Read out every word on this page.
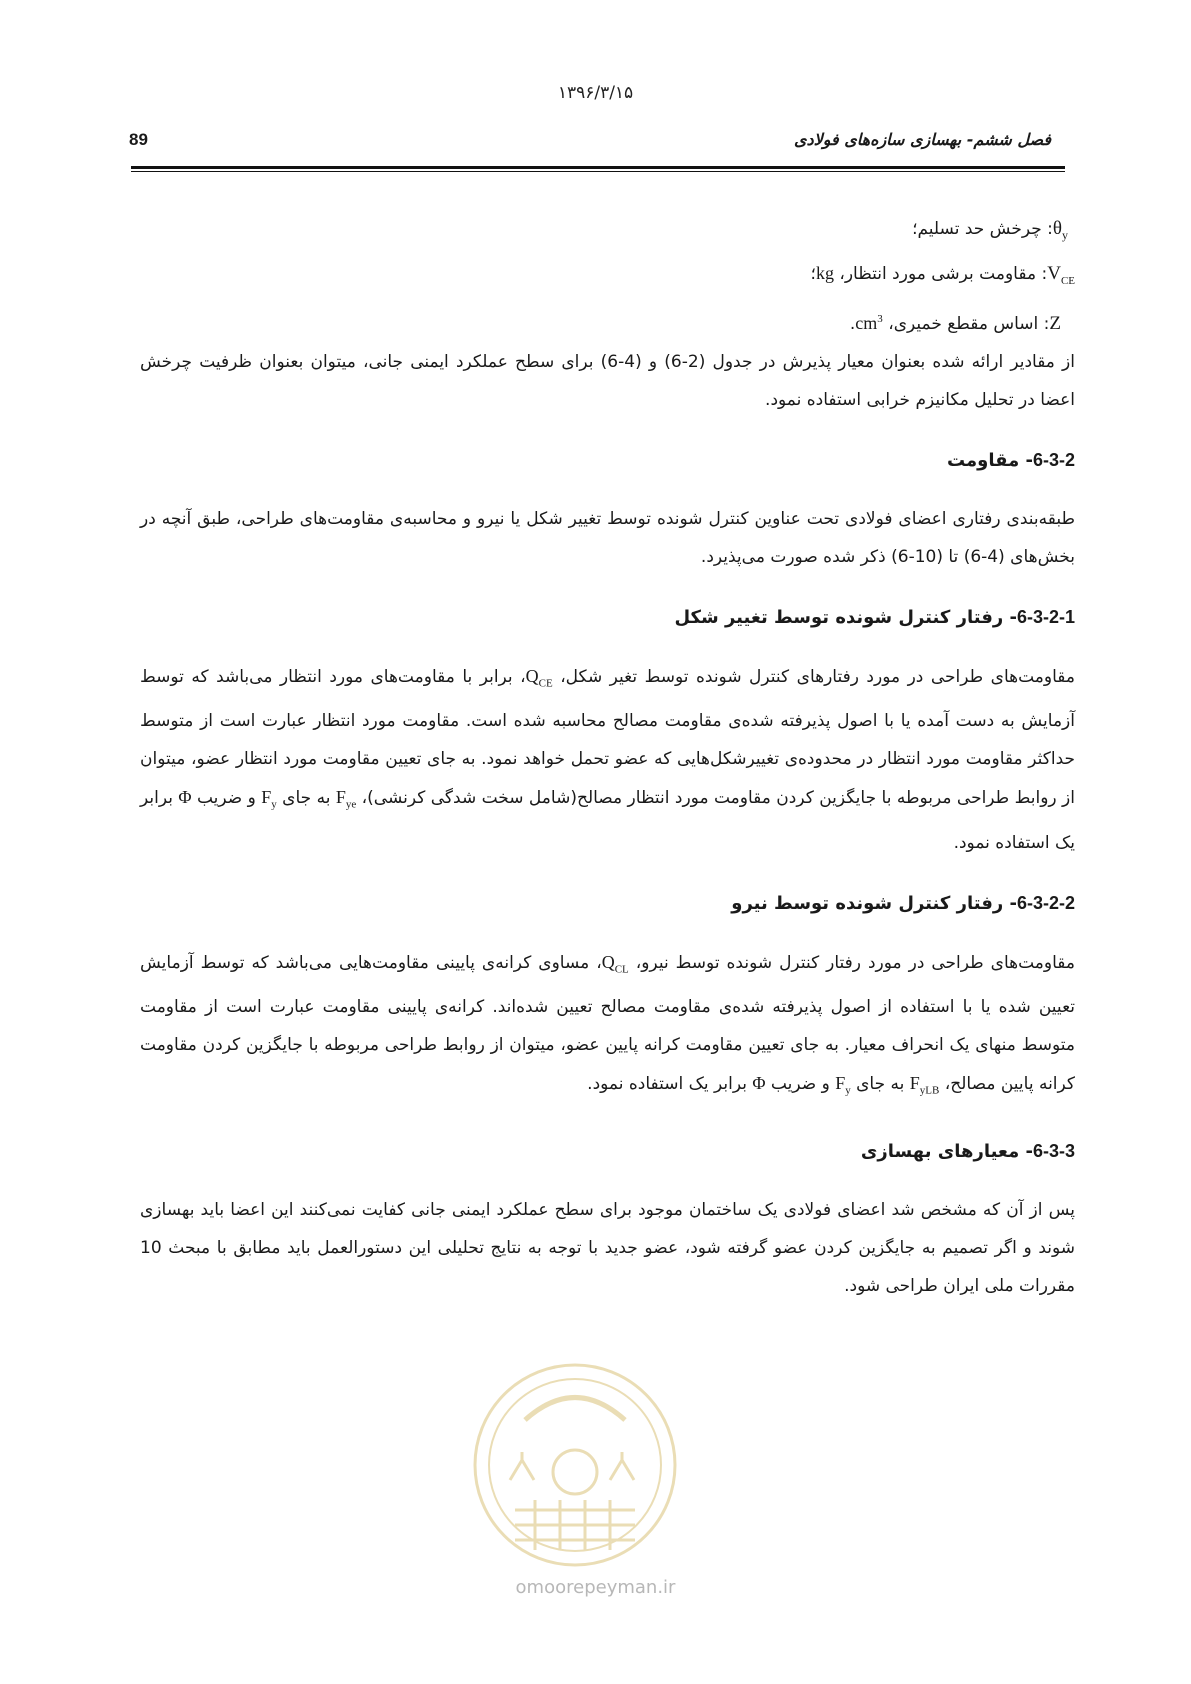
۱۳۹۶/۳/۱۵
89	فصل ششم- بهسازی سازه‌های فولادی

$\theta_y$: چرخش حد تسلیم؛

$V_{CE}$: مقاومت برشی مورد انتظار، kg؛

Z: اساس مقطع خمیری، $cm^3$.

از مقادیر ارائه شده بعنوان معیار پذیرش در جدول (2-6) و (4-6) برای سطح عملکرد ایمنی جانی، میتوان بعنوان ظرفیت چرخش اعضا در تحلیل مکانیزم خرابی استفاده نمود.

6-3-2- مقاومت

طبقه‌بندی رفتاری اعضای فولادی تحت عناوین کنترل شونده توسط تغییر شکل یا نیرو و محاسبه‌ی مقاومت‌های طراحی، طبق آنچه در بخش‌های (4-6) تا (10-6) ذکر شده صورت می‌پذیرد.

6-3-2-1- رفتار کنترل شونده توسط تغییر شکل

مقاومت‌های طراحی در مورد رفتارهای کنترل شونده توسط تغیر شکل، $Q_{CE}،$ برابر با مقاومت‌های مورد انتظار می‌باشد که توسط آزمایش به دست آمده یا با اصول پذیرفته شده‌ی مقاومت مصالح محاسبه شده است. مقاومت مورد انتظار عبارت است از متوسط حداکثر مقاومت مورد انتظار در محدوده‌ی تغییرشکل‌هایی که عضو تحمل خواهد نمود. به جای تعیین مقاومت مورد انتظار عضو، میتوان از روابط طراحی مربوطه با جایگزین کردن مقاومت مورد انتظار مصالح(شامل سخت شدگی کرنشی)، $F_{ye}$ به جای $F_y$ و ضریب Φ برابر یک استفاده نمود.

6-3-2-2- رفتار کنترل شونده توسط نیرو

مقاومت‌های طراحی در مورد رفتار کنترل شونده توسط نیرو، $Q_{CL}،$ مساوی کرانه‌ی پایینی مقاومت‌هایی می‌باشد که توسط آزمایش تعیین شده یا با استفاده از اصول پذیرفته شده‌ی مقاومت مصالح تعیین شده‌اند. کرانه‌ی پایینی مقاومت عبارت است از مقاومت متوسط منهای یک انحراف معیار. به جای تعیین مقاومت کرانه پایین عضو، میتوان از روابط طراحی مربوطه با جایگزین کردن مقاومت کرانه پایین مصالح، $F_{yLB}$ به جای $F_y$ و ضریب Φ برابر یک استفاده نمود.

6-3-3- معیارهای بهسازی

پس از آن که مشخص شد اعضای فولادی یک ساختمان موجود برای سطح عملکرد ایمنی جانی کفایت نمی‌کنند این اعضا باید بهسازی شوند و اگر تصمیم به جایگزین کردن عضو گرفته شود، عضو جدید با توجه به نتایج تحلیلی این دستورالعمل باید مطابق با مبحث 10 مقررات ملی ایران طراحی شود.

omoorepeyman.ir
